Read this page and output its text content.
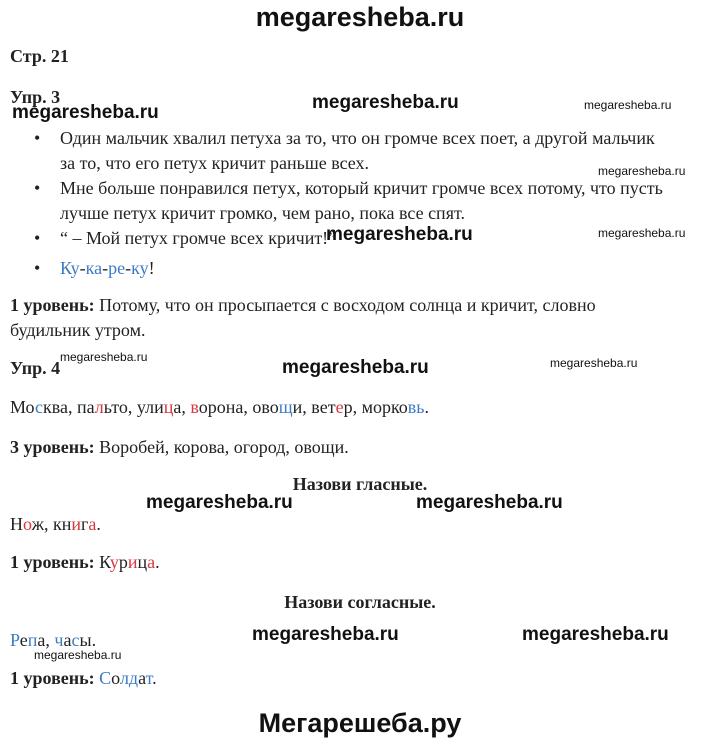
megaresheba.ru
Стр. 21
Упр. 3
• Один мальчик хвалил петуха за то, что он громче всех поет, а другой мальчик
за то, что его петух кричит раньше всех.
• Мне больше понравился петух, который кричит громче всех потому, что пусть
лучше петух кричит громко, чем рано, пока все спят.
• “ – Мой петух громче всех кричит!”
• Ку-ка-ре-ку!
1 уровень: Потому, что он просыпается с восходом солнца и кричит, словно
будильник утром.
Упр. 4
Москва, пальто, улица, ворона, овощи, ветер, морковь.
3 уровень: Воробей, корова, огород, овощи.
Назови гласные.
Нож, книга.
1 уровень: Курица.
Назови согласные.
Репа, часы.
1 уровень: Солдат.
megaresheba.ru	megaresheba.ru	megaresheba.ru
megaresheba.ru
megaresheba.ru	megaresheba.ru
megaresheba.ru	megaresheba.ru	megaresheba.ru
megaresheba.ru	megaresheba.ru
megaresheba.ru	megaresheba.ru
megaresheba.ru
Мегарешеба.ру
